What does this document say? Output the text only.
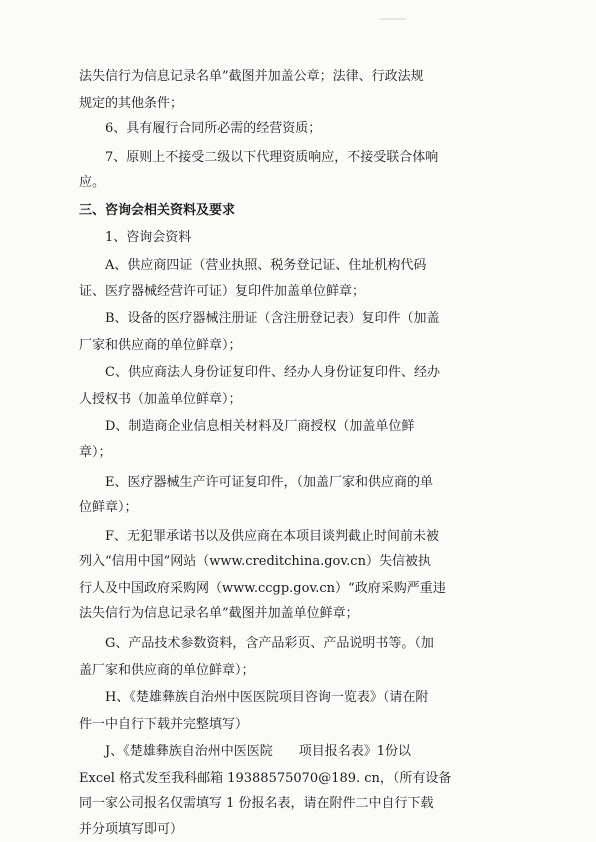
法失信行为信息记录名单”截图并加盖公章；法律、行政法规
规定的其他条件；
6、具有履行合同所必需的经营资质；
7、原则上不接受二级以下代理资质响应，不接受联合体响
应。
三、咨询会相关资料及要求
1、咨询会资料
A、供应商四证（营业执照、税务登记证、住址机构代码
证、医疗器械经营许可证）复印件加盖单位鲜章；
B、设备的医疗器械注册证（含注册登记表）复印件（加盖
厂家和供应商的单位鲜章）；
C、供应商法人身份证复印件、经办人身份证复印件、经办
人授权书（加盖单位鲜章）；
D、制造商企业信息相关材料及厂商授权（加盖单位鲜
章）；
E、医疗器械生产许可证复印件，（加盖厂家和供应商的单
位鲜章）；
F、无犯罪承诺书以及供应商在本项目谈判截止时间前未被
列入“信用中国”网站（www.creditchina.gov.cn）失信被执
行人及中国政府采购网（www.ccgp.gov.cn）“政府采购严重违
法失信行为信息记录名单”截图并加盖单位鲜章；
G、产品技术参数资料，含产品彩页、产品说明书等。（加
盖厂家和供应商的单位鲜章）；
H、《楚雄彝族自治州中医医院项目咨询一览表》（请在附
件一中自行下载并完整填写）
J、《楚雄彝族自治州中医医院　　项目报名表》1份以
Excel 格式发至我科邮箱 19388575070@189. cn，（所有设备
同一家公司报名仅需填写 1 份报名表，请在附件二中自行下载
并分项填写即可）
